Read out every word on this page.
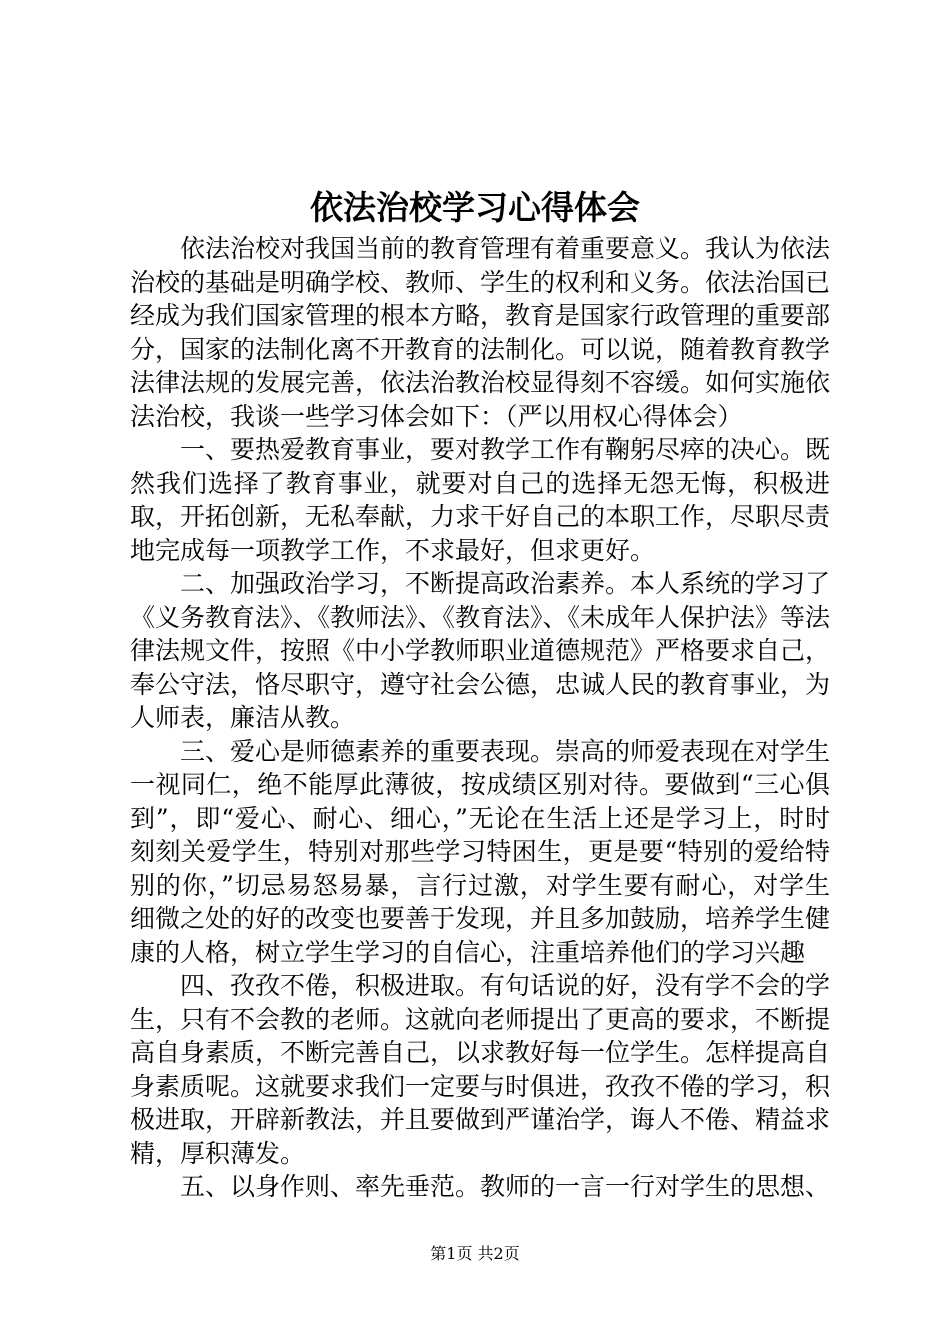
依法治校学习心得体会

依法治校对我国当前的教育管理有着重要意义。我认为依法治校的基础是明确学校、教师、学生的权利和义务。依法治国已经成为我们国家管理的根本方略，教育是国家行政管理的重要部分，国家的法制化离不开教育的法制化。可以说，随着教育教学法律法规的发展完善，依法治教治校显得刻不容缓。如何实施依法治校，我谈一些学习体会如下：（严以用权心得体会）

一、要热爱教育事业，要对教学工作有鞠躬尽瘁的决心。既然我们选择了教育事业，就要对自己的选择无怨无悔，积极进取，开拓创新，无私奉献，力求干好自己的本职工作，尽职尽责地完成每一项教学工作，不求最好，但求更好。

二、加强政治学习，不断提高政治素养。本人系统的学习了《义务教育法》、《教师法》、《教育法》、《未成年人保护法》等法律法规文件，按照《中小学教师职业道德规范》严格要求自己，奉公守法，恪尽职守，遵守社会公德，忠诚人民的教育事业，为人师表，廉洁从教。

三、爱心是师德素养的重要表现。崇高的师爱表现在对学生一视同仁，绝不能厚此薄彼，按成绩区别对待。要做到“三心俱到”，即“爱心、耐心、细心，”无论在生活上还是学习上，时时刻刻关爱学生，特别对那些学习特困生，更是要“特别的爱给特别的你，”切忌易怒易暴，言行过激，对学生要有耐心，对学生细微之处的好的改变也要善于发现，并且多加鼓励，培养学生健康的人格，树立学生学习的自信心，注重培养他们的学习兴趣

四、孜孜不倦，积极进取。有句话说的好，没有学不会的学生，只有不会教的老师。这就向老师提出了更高的要求，不断提高自身素质，不断完善自己，以求教好每一位学生。怎样提高自身素质呢。这就要求我们一定要与时俱进，孜孜不倦的学习，积极进取，开辟新教法，并且要做到严谨治学，诲人不倦、精益求精，厚积薄发。

五、以身作则、率先垂范。教师的一言一行对学生的思想、

第1页 共2页
